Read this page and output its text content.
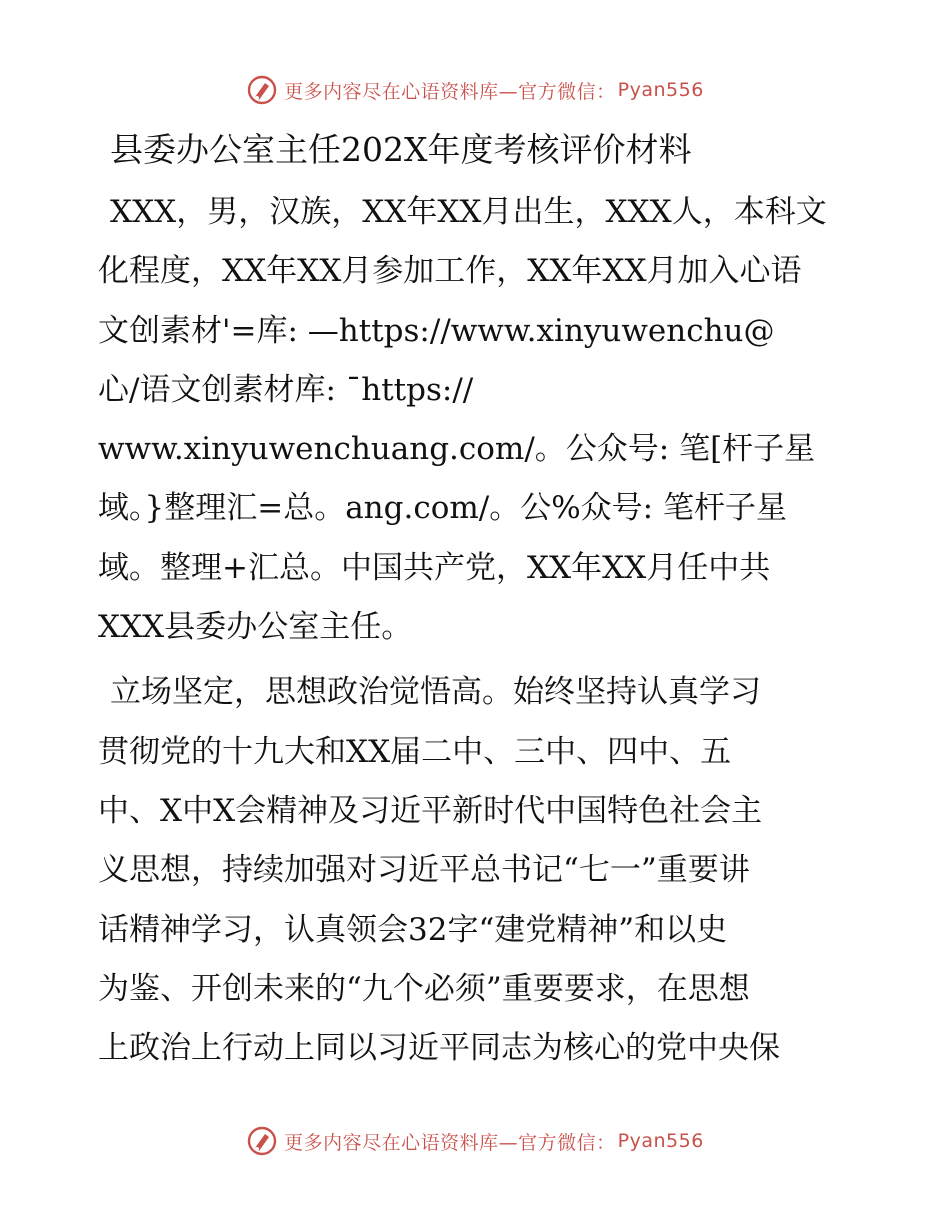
更多内容尽在心语资料库—官方微信： Pyan556
县委办公室主任202X年度考核评价材料

XXX，男，汉族，XX年XX月出生，XXX人，本科文
化程度，XX年XX月参加工作，XX年XX月加入心语
文创素材'=库: —https://www.xinyuwenchu@
心/语文创素材库: ¯https://
www.xinyuwenchuang.com/。公众号: 笔[杆子星
域。}整理汇=总。ang.com/。公%众号: 笔杆子星
域。整理+汇总。中国共产党，XX年XX月任中共
XXX县委办公室主任。

立场坚定，思想政治觉悟高。始终坚持认真学习
贯彻党的十九大和XX届二中、三中、四中、五
中、X中X会精神及习近平新时代中国特色社会主
义思想，持续加强对习近平总书记“七一”重要讲
话精神学习，认真领会32字“建党精神”和以史
为鉴、开创未来的“九个必须”重要要求，在思想
上政治上行动上同以习近平同志为核心的党中央保

更多内容尽在心语资料库—官方微信： Pyan556
